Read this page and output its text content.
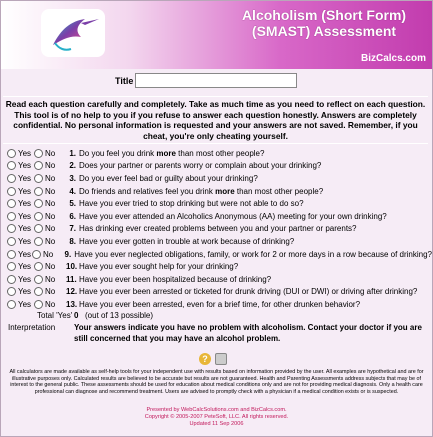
Alcoholism (Short Form)
(SMAST) Assessment
BizCalcs.com
Title
Read each question carefully and completely. Take as much time as you need to reflect on each question. This tool is of no help to you if you refuse to answer each question honestly. Answers are completely confidential. No personal information is requested and your answers are not saved. Remember, if you cheat, you're only cheating yourself.
Yes No	1. Do you feel you drink more than most other people?
Yes No	2. Does your partner or parents worry or complain about your drinking?
Yes No	3. Do you ever feel bad or guilty about your drinking?
Yes No	4. Do friends and relatives feel you drink more than most other people?
Yes No	5. Have you ever tried to stop drinking but were not able to do so?
Yes No	6. Have you ever attended an Alcoholics Anonymous (AA) meeting for your own drinking?
Yes No	7. Has drinking ever created problems between you and your partner or parents?
Yes No	8. Have you ever gotten in trouble at work because of drinking?
Yes No	9. Have you ever neglected obligations, family, or work for 2 or more days in a row because of drinking?
Yes No 10. Have you ever sought help for your drinking?
Yes No 11. Have you ever been hospitalized because of drinking?
Yes No 12. Have you ever been arrested or ticketed for drunk driving (DUI or DWI) or driving after drinking?
Yes No 13. Have you ever been arrested, even for a brief time, for other drunken behavior?
Total 'Yes' 0 (out of 13 possible)
Interpretation Your answers indicate you have no problem with alcoholism. Contact your doctor if you are still concerned that you may have an alcohol problem.
?
All calculators are made available as self-help tools for your independent use with results based on information provided by the user. All examples are hypothetical and are for illustrative purposes only. Calculated results are believed to be accurate but results are not guaranteed. Health and Parenting Assessments address subjects that may be of interest to the general public. These assessments should be used for education about medical conditions only and are not for providing medical diagnosis. Only a health care professional can diagnose and recommend treatment. Users are advised to promptly check with a physician if a medical condition exists or is suspected.
Presented by WebCalcSolutions.com and BizCalcs.com.
Copyright © 2005-2007 PeteSoft, LLC. All rights reserved.
Updated 11 Sep 2006
